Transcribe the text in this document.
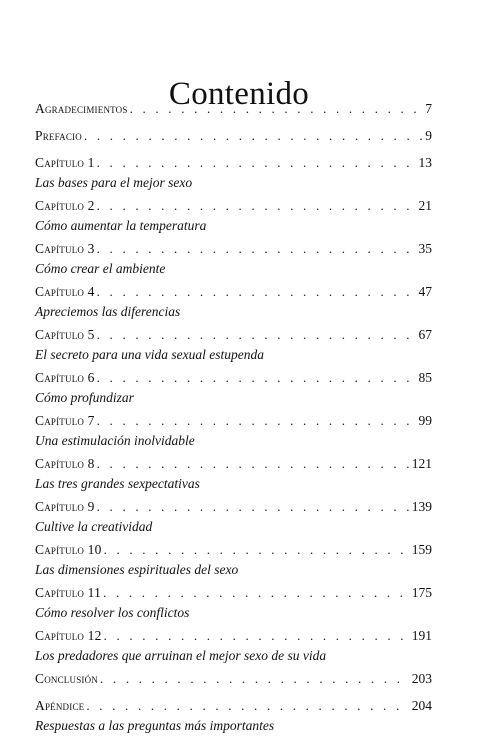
Contenido
Agradecimientos . . .	7
Prefacio . . .	9
Capítulo 1 . . .	13
Las bases para el mejor sexo
Capítulo 2 . . .	21
Cómo aumentar la temperatura
Capítulo 3 . . .	35
Cómo crear el ambiente
Capítulo 4 . . .	47
Apreciemos las diferencias
Capítulo 5 . . .	67
El secreto para una vida sexual estupenda
Capítulo 6 . . .	85
Cómo profundizar
Capítulo 7 . . .	99
Una estimulación inolvidable
Capítulo 8 . . .	121
Las tres grandes sexpectativas
Capítulo 9 . . .	139
Cultive la creatividad
Capítulo 10 . . .	159
Las dimensiones espirituales del sexo
Capítulo 11 . . .	175
Cómo resolver los conflictos
Capítulo 12 . . .	191
Los predadores que arruinan el mejor sexo de su vida
Conclusión . . .	203
Apéndice . . .	204
Respuestas a las preguntas más importantes
